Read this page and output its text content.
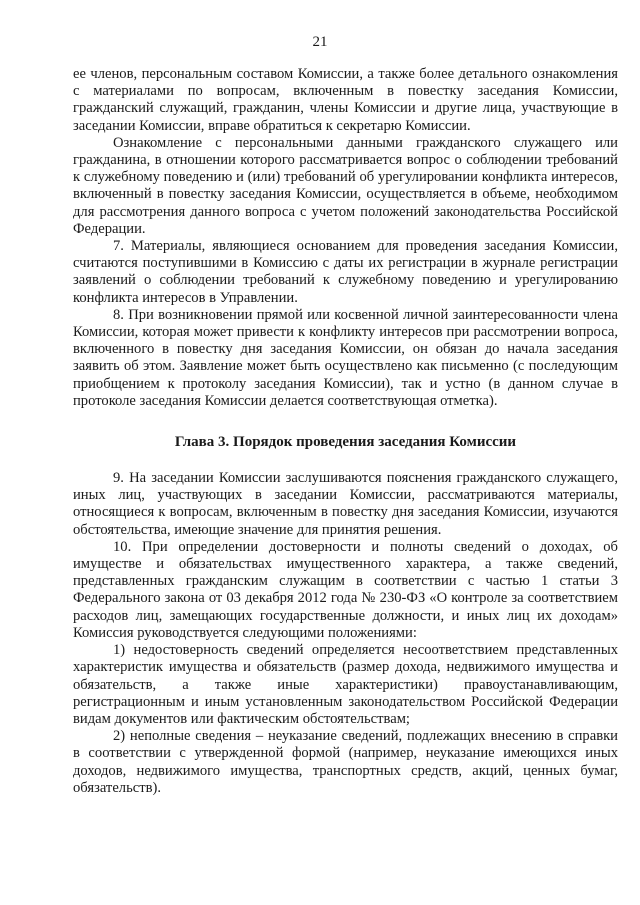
21

ее членов, персональным составом Комиссии, а также более детального ознакомления с материалами по вопросам, включенным в повестку заседания Комиссии, гражданский служащий, гражданин, члены Комиссии и другие лица, участвующие в заседании Комиссии, вправе обратиться к секретарю Комиссии.

Ознакомление с персональными данными гражданского служащего или гражданина, в отношении которого рассматривается вопрос о соблюдении требований к служебному поведению и (или) требований об урегулировании конфликта интересов, включенный в повестку заседания Комиссии, осуществляется в объеме, необходимом для рассмотрения данного вопроса с учетом положений законодательства Российской Федерации.

7. Материалы, являющиеся основанием для проведения заседания Комиссии, считаются поступившими в Комиссию с даты их регистрации в журнале регистрации заявлений о соблюдении требований к служебному поведению и урегулированию конфликта интересов в Управлении.

8. При возникновении прямой или косвенной личной заинтересованности члена Комиссии, которая может привести к конфликту интересов при рассмотрении вопроса, включенного в повестку дня заседания Комиссии, он обязан до начала заседания заявить об этом. Заявление может быть осуществлено как письменно (с последующим приобщением к протоколу заседания Комиссии), так и устно (в данном случае в протоколе заседания Комиссии делается соответствующая отметка).

Глава 3. Порядок проведения заседания Комиссии

9. На заседании Комиссии заслушиваются пояснения гражданского служащего, иных лиц, участвующих в заседании Комиссии, рассматриваются материалы, относящиеся к вопросам, включенным в повестку дня заседания Комиссии, изучаются обстоятельства, имеющие значение для принятия решения.

10. При определении достоверности и полноты сведений о доходах, об имуществе и обязательствах имущественного характера, а также сведений, представленных гражданским служащим в соответствии с частью 1 статьи 3 Федерального закона от 03 декабря 2012 года № 230-ФЗ «О контроле за соответствием расходов лиц, замещающих государственные должности, и иных лиц их доходам» Комиссия руководствуется следующими положениями:

1) недостоверность сведений определяется несоответствием представленных характеристик имущества и обязательств (размер дохода, недвижимого имущества и обязательств, а также иные характеристики) правоустанавливающим, регистрационным и иным установленным законодательством Российской Федерации видам документов или фактическим обстоятельствам;

2) неполные сведения – неуказание сведений, подлежащих внесению в справки в соответствии с утвержденной формой (например, неуказание имеющихся иных доходов, недвижимого имущества, транспортных средств, акций, ценных бумаг, обязательств).
